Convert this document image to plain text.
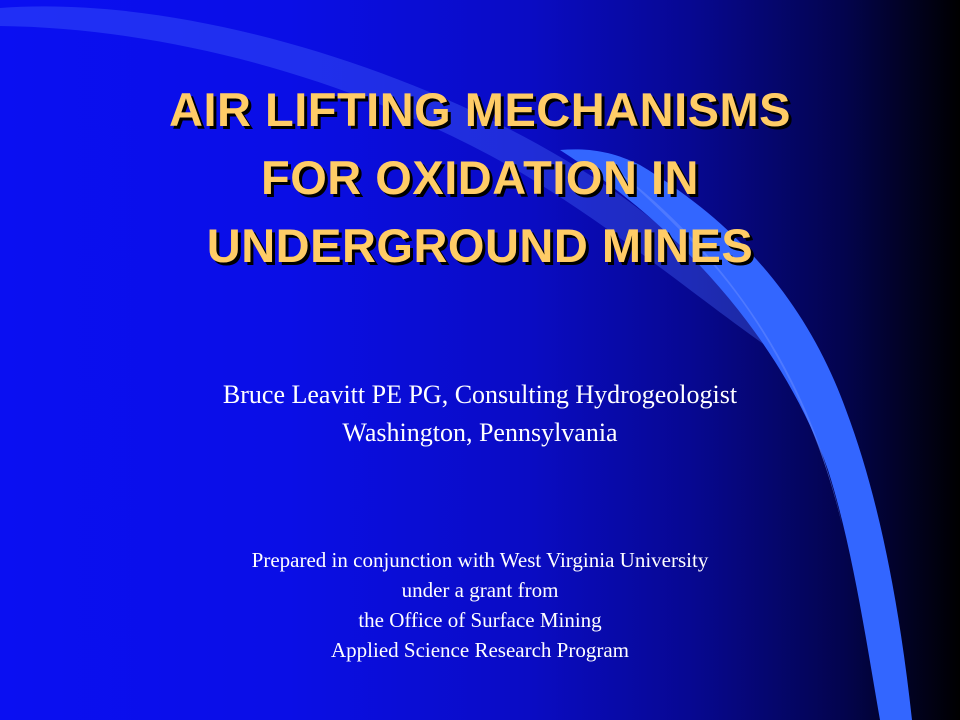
AIR LIFTING MECHANISMS
FOR OXIDATION IN
UNDERGROUND MINES
Bruce Leavitt PE PG, Consulting Hydrogeologist
Washington, Pennsylvania
Prepared in conjunction with West Virginia University
under a grant from
the Office of Surface Mining
Applied Science Research Program
